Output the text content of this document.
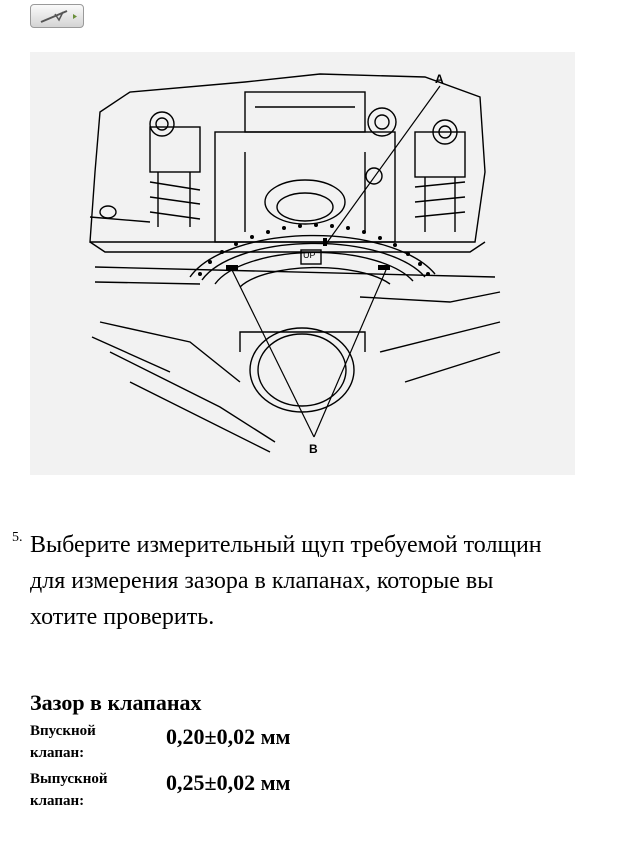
A
B
UP
5. Выберите измерительный щуп требуемой толщин
для измерения зазора в клапанах, которые вы
хотите проверить.
Зазор в клапанах
Впускной
клапан:
0,20±0,02 мм
Выпускной
клапан:
0,25±0,02 мм
